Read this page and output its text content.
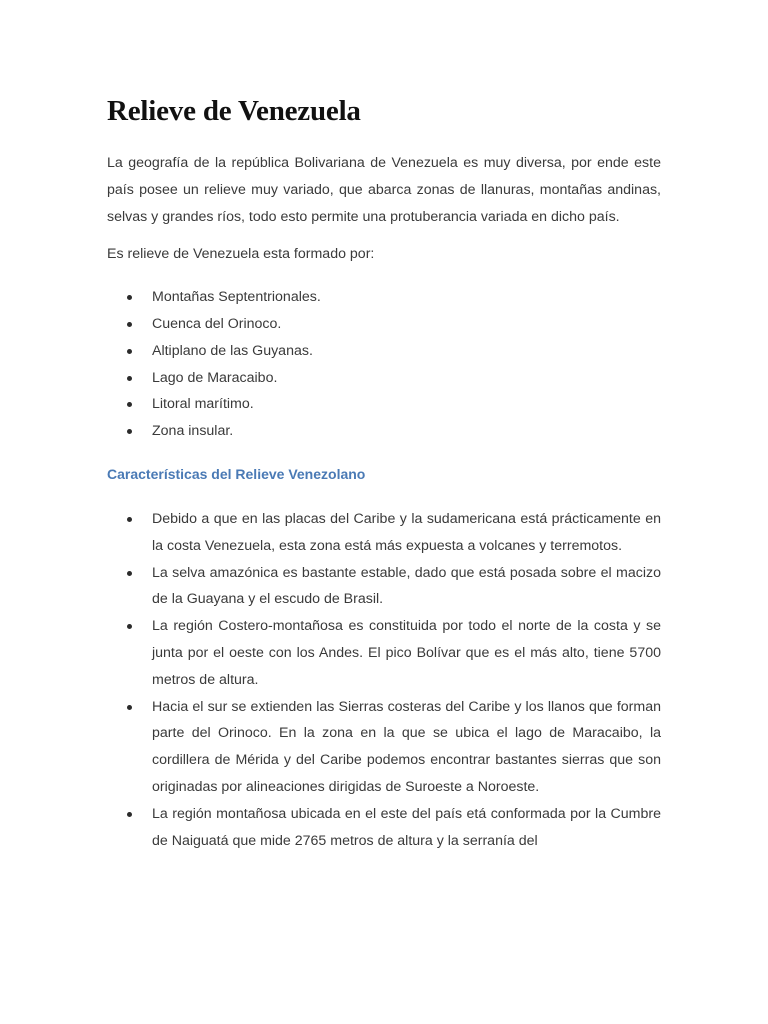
Relieve de Venezuela

La geografía de la república Bolivariana de Venezuela es muy diversa, por ende este país posee un relieve muy variado, que abarca zonas de llanuras, montañas andinas, selvas y grandes ríos, todo esto permite una protuberancia variada en dicho país.

Es relieve de Venezuela esta formado por:

Montañas Septentrionales.
Cuenca del Orinoco.
Altiplano de las Guyanas.
Lago de Maracaibo.
Litoral marítimo.
Zona insular.
Características del Relieve Venezolano
Debido a que en las placas del Caribe y la sudamericana está prácticamente en la costa Venezuela, esta zona está más expuesta a volcanes y terremotos.
La selva amazónica es bastante estable, dado que está posada sobre el macizo de la Guayana y el escudo de Brasil.
La región Costero-montañosa es constituida por todo el norte de la costa y se junta por el oeste con los Andes. El pico Bolívar que es el más alto, tiene 5700 metros de altura.
Hacia el sur se extienden las Sierras costeras del Caribe y los llanos que forman parte del Orinoco. En la zona en la que se ubica el lago de Maracaibo, la cordillera de Mérida y del Caribe podemos encontrar bastantes sierras que son originadas por alineaciones dirigidas de Suroeste a Noroeste.
La región montañosa ubicada en el este del país etá conformada por la Cumbre de Naiguatá que mide 2765 metros de altura y la serranía del
